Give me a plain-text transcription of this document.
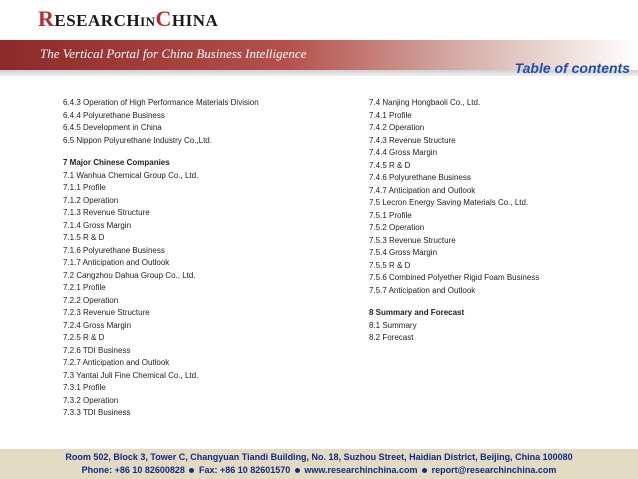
RESEARCHINCHINA
The Vertical Portal for China Business Intelligence
Table of contents
6.4.3 Operation of High Performance Materials Division
6.4.4 Polyurethane Business
6.4.5 Development in China
6.5 Nippon Polyurethane Industry Co.,Ltd.
7 Major Chinese Companies
7.1 Wanhua Chemical Group Co., Ltd.
7.1.1 Profile
7.1.2 Operation
7.1.3 Revenue Structure
7.1.4 Gross Margin
7.1.5 R & D
7.1.6 Polyurethane Business
7.1.7 Anticipation and Outlook
7.2 Cangzhou Dahua Group Co., Ltd.
7.2.1 Profile
7.2.2 Operation
7.2.3 Revenue Structure
7.2.4 Gross Margin
7.2.5 R & D
7.2.6 TDI Business
7.2.7 Anticipation and Outlook
7.3 Yantai Juli Fine Chemical Co., Ltd.
7.3.1 Profile
7.3.2 Operation
7.3.3 TDI Business
7.4 Nanjing Hongbaoli Co., Ltd.
7.4.1 Profile
7.4.2 Operation
7.4.3 Revenue Structure
7.4.4 Gross Margin
7.4.5 R & D
7.4.6 Polyurethane Business
7.4.7 Anticipation and Outlook
7.5 Lecron Energy Saving Materials Co., Ltd.
7.5.1 Profile
7.5.2 Operation
7.5.3 Revenue Structure
7.5.4 Gross Margin
7.5.5 R & D
7.5.6 Combined Polyether Rigid Foam Business
7.5.7 Anticipation and Outlook
8 Summary and Forecast
8.1 Summary
8.2 Forecast
Room 502, Block 3, Tower C, Changyuan Tiandi Building, No. 18, Suzhou Street, Haidian District, Beijing, China 100080
Phone: +86 10 82600828 Fax: +86 10 82601570 www.researchinchina.com report@researchinchina.com
